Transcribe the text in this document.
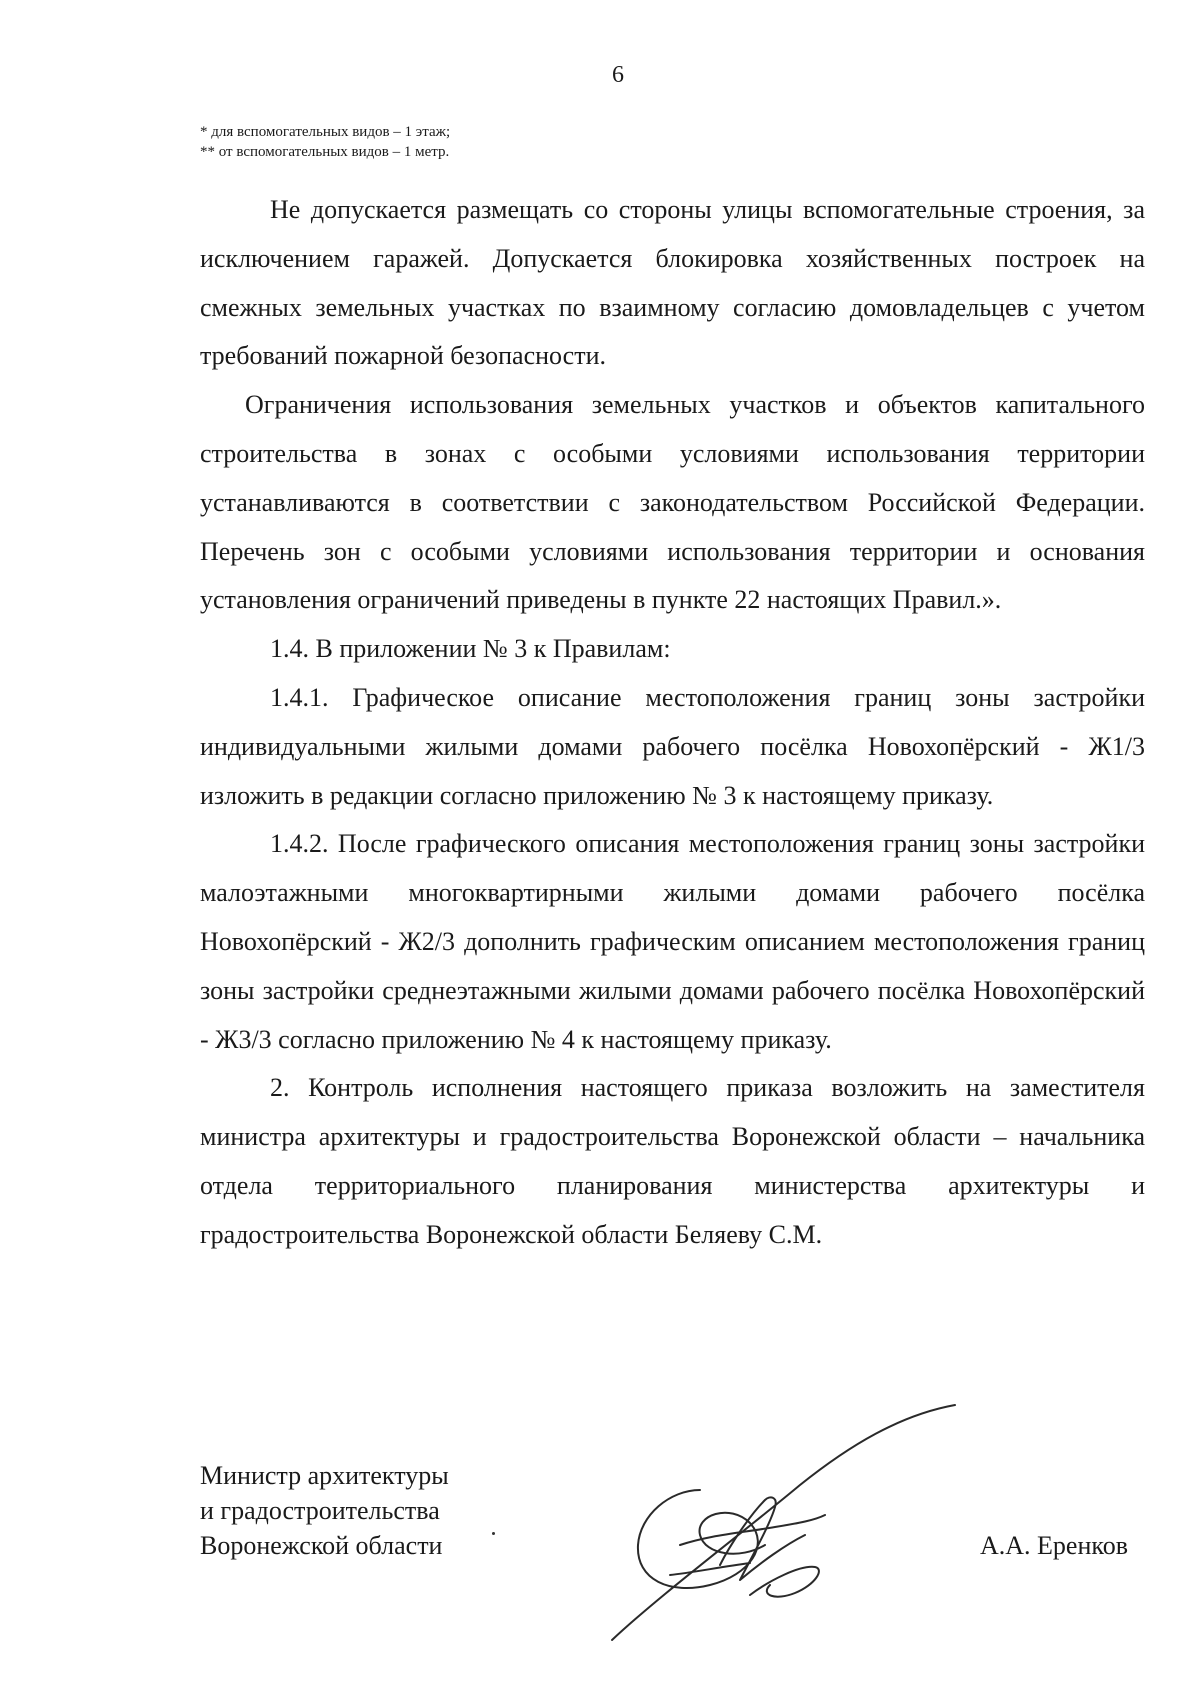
6
* для вспомогательных видов – 1 этаж;
** от вспомогательных видов – 1 метр.

Не допускается размещать со стороны улицы вспомогательные строения, за исключением гаражей. Допускается блокировка хозяйственных построек на смежных земельных участках по взаимному согласию домовладельцев с учетом требований пожарной безопасности.

Ограничения использования земельных участков и объектов капитального строительства в зонах с особыми условиями использования территории устанавливаются в соответствии с законодательством Российской Федерации. Перечень зон с особыми условиями использования территории и основания установления ограничений приведены в пункте 22 настоящих Правил.».

1.4. В приложении № 3 к Правилам:

1.4.1. Графическое описание местоположения границ зоны застройки индивидуальными жилыми домами рабочего посёлка Новохопёрский - Ж1/3 изложить в редакции согласно приложению № 3 к настоящему приказу.

1.4.2. После графического описания местоположения границ зоны застройки малоэтажными многоквартирными жилыми домами рабочего посёлка Новохопёрский - Ж2/3 дополнить графическим описанием местоположения границ зоны застройки среднеэтажными жилыми домами рабочего посёлка Новохопёрский - Ж3/3 согласно приложению № 4 к настоящему приказу.

2. Контроль исполнения настоящего приказа возложить на заместителя министра архитектуры и градостроительства Воронежской области – начальника отдела территориального планирования министерства архитектуры и градостроительства Воронежской области Беляеву С.М.

Министр архитектуры
и градостроительства
Воронежской области	А.А. Еренков
